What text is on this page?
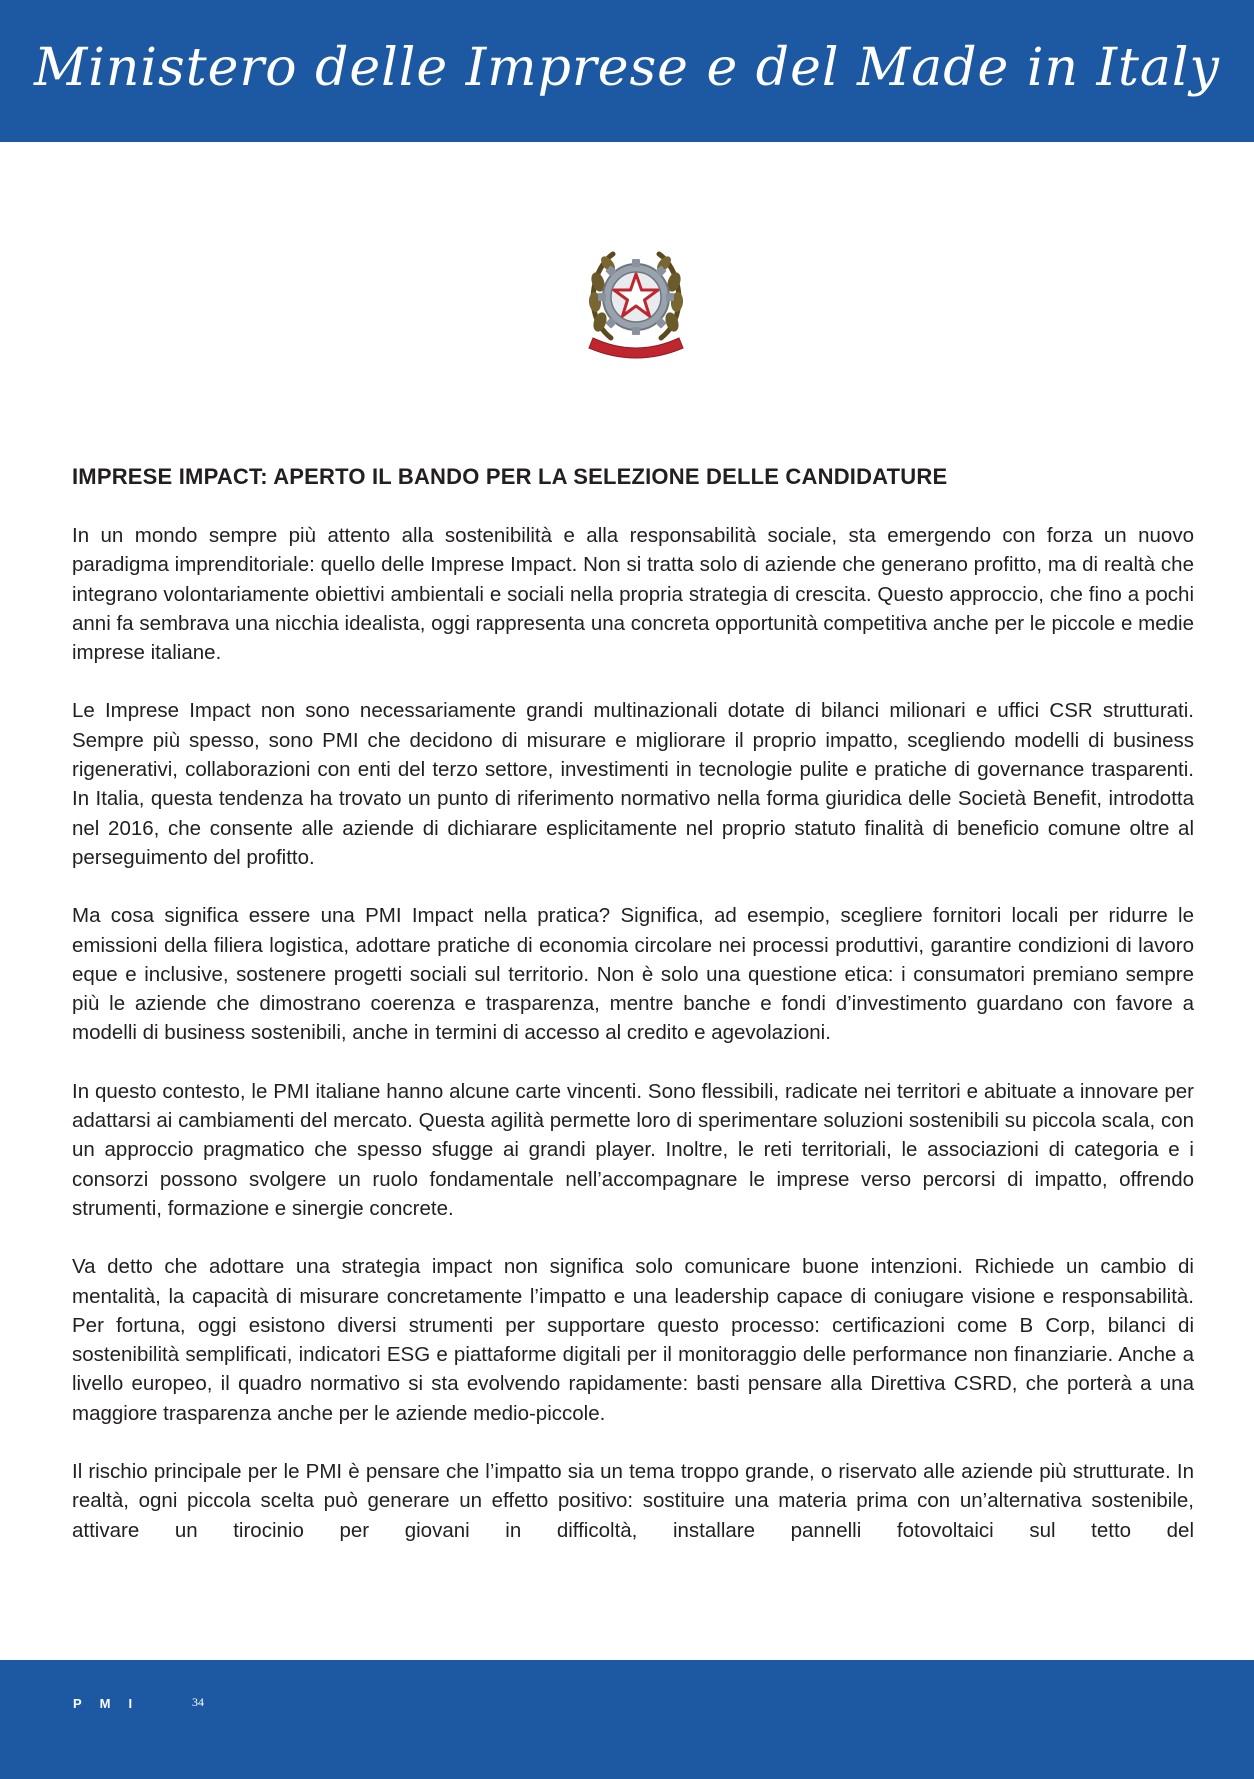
Ministero delle Imprese e del Made in Italy
IMPRESE IMPACT: APERTO IL BANDO PER LA SELEZIONE DELLE CANDIDATURE

In un mondo sempre più attento alla sostenibilità e alla responsabilità sociale, sta emergendo con forza un nuovo paradigma imprenditoriale: quello delle Imprese Impact. Non si tratta solo di aziende che generano profitto, ma di realtà che integrano volontariamente obiettivi ambientali e sociali nella propria strategia di crescita. Questo approccio, che fino a pochi anni fa sembrava una nicchia idealista, oggi rappresenta una concreta opportunità competitiva anche per le piccole e medie imprese italiane.

Le Imprese Impact non sono necessariamente grandi multinazionali dotate di bilanci milionari e uffici CSR strutturati. Sempre più spesso, sono PMI che decidono di misurare e migliorare il proprio impatto, scegliendo modelli di business rigenerativi, collaborazioni con enti del terzo settore, investimenti in tecnologie pulite e pratiche di governance trasparenti. In Italia, questa tendenza ha trovato un punto di riferimento normativo nella forma giuridica delle Società Benefit, introdotta nel 2016, che consente alle aziende di dichiarare esplicitamente nel proprio statuto finalità di beneficio comune oltre al perseguimento del profitto.

Ma cosa significa essere una PMI Impact nella pratica? Significa, ad esempio, scegliere fornitori locali per ridurre le emissioni della filiera logistica, adottare pratiche di economia circolare nei processi produttivi, garantire condizioni di lavoro eque e inclusive, sostenere progetti sociali sul territorio. Non è solo una questione etica: i consumatori premiano sempre più le aziende che dimostrano coerenza e trasparenza, mentre banche e fondi d’investimento guardano con favore a modelli di business sostenibili, anche in termini di accesso al credito e agevolazioni.

In questo contesto, le PMI italiane hanno alcune carte vincenti. Sono flessibili, radicate nei territori e abituate a innovare per adattarsi ai cambiamenti del mercato. Questa agilità permette loro di sperimentare soluzioni sostenibili su piccola scala, con un approccio pragmatico che spesso sfugge ai grandi player. Inoltre, le reti territoriali, le associazioni di categoria e i consorzi possono svolgere un ruolo fondamentale nell’accompagnare le imprese verso percorsi di impatto, offrendo strumenti, formazione e sinergie concrete.

Va detto che adottare una strategia impact non significa solo comunicare buone intenzioni. Richiede un cambio di mentalità, la capacità di misurare concretamente l’impatto e una leadership capace di coniugare visione e responsabilità. Per fortuna, oggi esistono diversi strumenti per supportare questo processo: certificazioni come B Corp, bilanci di sostenibilità semplificati, indicatori ESG e piattaforme digitali per il monitoraggio delle performance non finanziarie. Anche a livello europeo, il quadro normativo si sta evolvendo rapidamente: basti pensare alla Direttiva CSRD, che porterà a una maggiore trasparenza anche per le aziende medio-piccole.

Il rischio principale per le PMI è pensare che l’impatto sia un tema troppo grande, o riservato alle aziende più strutturate. In realtà, ogni piccola scelta può generare un effetto positivo: sostituire una materia prima con un’alternativa sostenibile, attivare un tirocinio per giovani in difficoltà, installare pannelli fotovoltaici sul tetto del

PMI	34
